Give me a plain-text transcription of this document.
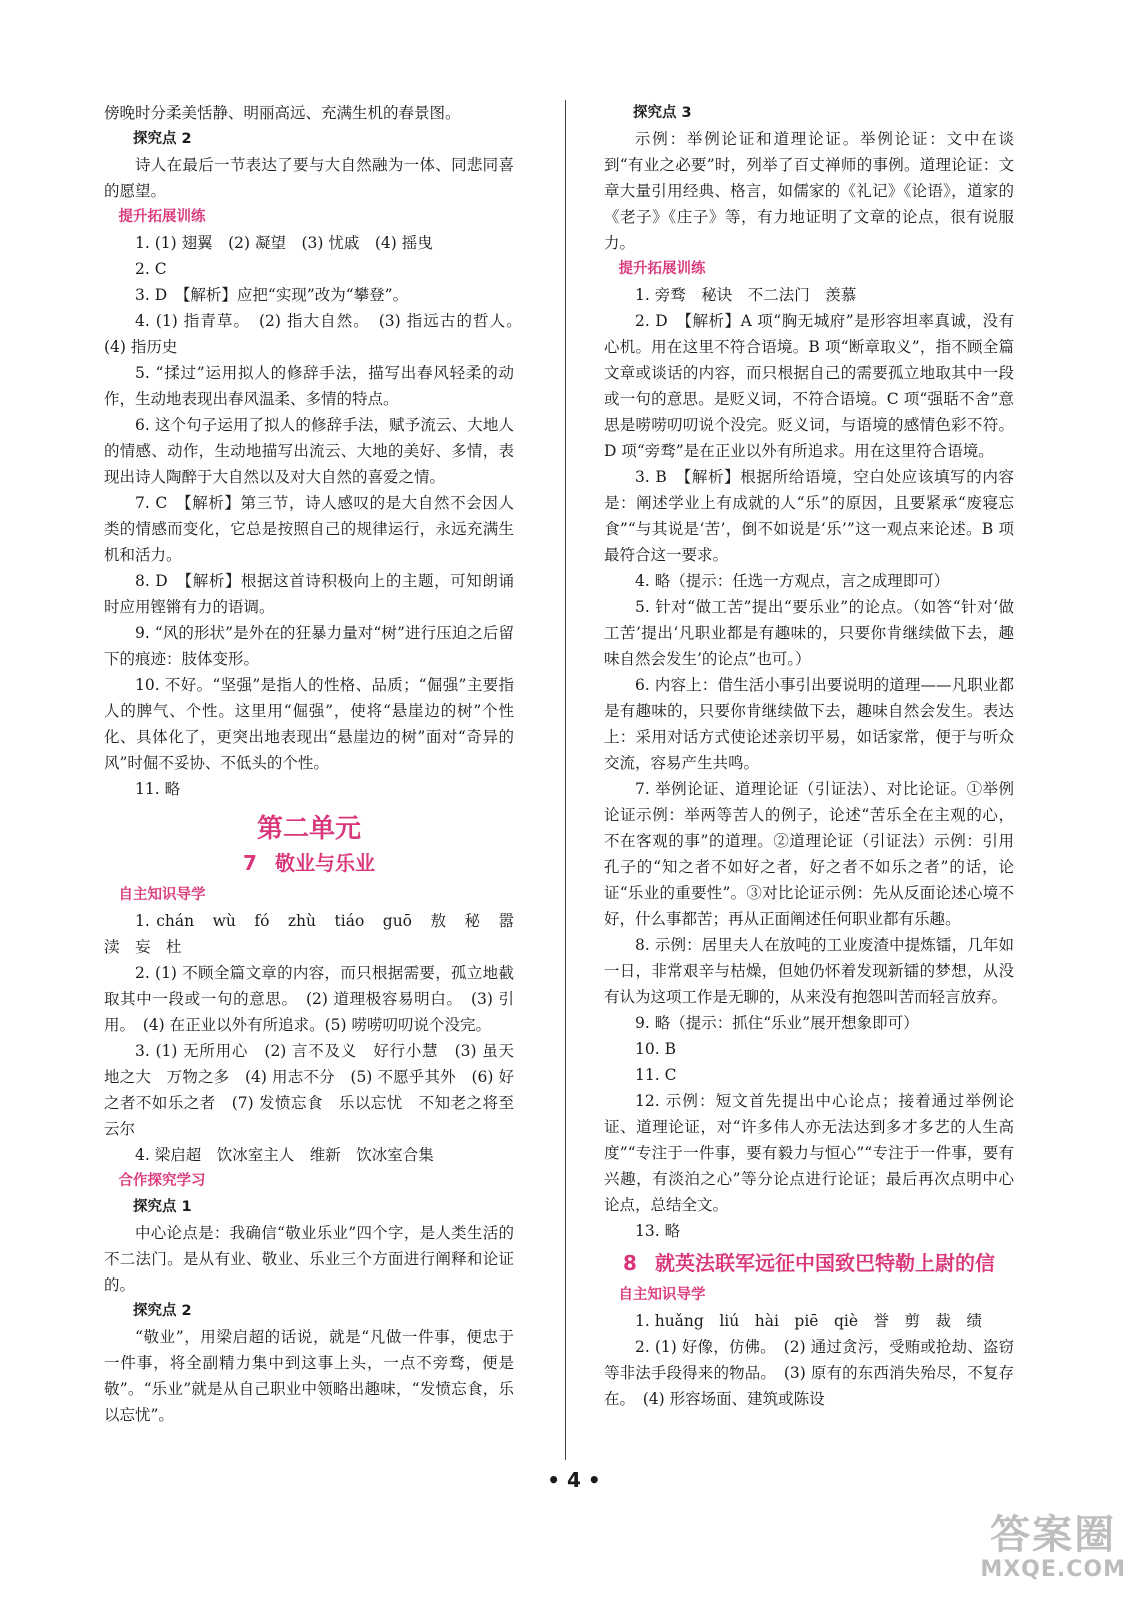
傍晚时分柔美恬静、明丽高远、充满生机的春景图。

探究点 2

诗人在最后一节表达了要与大自然融为一体、同悲同喜的愿望。

提升拓展训练

1. (1) 翅翼　(2) 凝望　(3) 忧戚　(4) 摇曳

2. C

3. D　【解析】应把“实现”改为“攀登”。

4. (1) 指青草。　(2) 指大自然。　(3) 指远古的哲人。　(4) 指历史

5. “揉过”运用拟人的修辞手法，描写出春风轻柔的动作，生动地表现出春风温柔、多情的特点。

6. 这个句子运用了拟人的修辞手法，赋予流云、大地人的情感、动作，生动地描写出流云、大地的美好、多情，表现出诗人陶醉于大自然以及对大自然的喜爱之情。

7. C　【解析】第三节，诗人感叹的是大自然不会因人类的情感而变化，它总是按照自己的规律运行，永远充满生机和活力。

8. D　【解析】根据这首诗积极向上的主题，可知朗诵时应用铿锵有力的语调。

9. “风的形状”是外在的狂暴力量对“树”进行压迫之后留下的痕迹：肢体变形。

10. 不好。“坚强”是指人的性格、品质；“倔强”主要指人的脾气、个性。这里用“倔强”，使将“悬崖边的树”个性化、具体化了，更突出地表现出“悬崖边的树”面对“奇异的风”时倔不妥协、不低头的个性。

11. 略

第二单元
7 敬业与乐业

自主知识导学

1. chán　wù　fó　zhù　tiáo　guō　敖　秘　嚣　渎　妄　杜

2. (1) 不顾全篇文章的内容，而只根据需要，孤立地截取其中一段或一句的意思。　(2) 道理极容易明白。　(3) 引用。　(4) 在正业以外有所追求。(5) 唠唠叨叨说个没完。

3. (1) 无所用心　(2) 言不及义　好行小慧　(3) 虽天地之大　万物之多　(4) 用志不分　(5) 不愿乎其外　(6) 好之者不如乐之者　(7) 发愤忘食　乐以忘忧　不知老之将至云尔

4. 梁启超　饮冰室主人　维新　饮冰室合集

合作探究学习

探究点 1

中心论点是：我确信“敬业乐业”四个字，是人类生活的不二法门。是从有业、敬业、乐业三个方面进行阐释和论证的。

探究点 2

“敬业”，用梁启超的话说，就是“凡做一件事，便忠于一件事，将全副精力集中到这事上头，一点不旁骛，便是敬”。“乐业”就是从自己职业中领略出趣味，“发愤忘食，乐以忘忧”。

探究点 3

示例：举例论证和道理论证。举例论证：文中在谈到“有业之必要”时，列举了百丈禅师的事例。道理论证：文章大量引用经典、格言，如儒家的《礼记》《论语》，道家的《老子》《庄子》等，有力地证明了文章的论点，很有说服力。

提升拓展训练

1. 旁骛　秘诀　不二法门　羡慕

2. D　【解析】A 项“胸无城府”是形容坦率真诚，没有心机。用在这里不符合语境。B 项“断章取义”，指不顾全篇文章或谈话的内容，而只根据自己的需要孤立地取其中一段或一句的意思。是贬义词，不符合语境。C 项“强聒不舍”意思是唠唠叨叨说个没完。贬义词，与语境的感情色彩不符。D 项“旁骛”是在正业以外有所追求。用在这里符合语境。

3. B　【解析】根据所给语境，空白处应该填写的内容是：阐述学业上有成就的人“乐”的原因，且要紧承“废寝忘食”“与其说是‘苦’，倒不如说是‘乐’”这一观点来论述。B 项最符合这一要求。

4. 略（提示：任选一方观点，言之成理即可）

5. 针对“做工苦”提出“要乐业”的论点。（如答“针对‘做工苦’提出‘凡职业都是有趣味的，只要你肯继续做下去，趣味自然会发生’的论点”也可。）

6. 内容上：借生活小事引出要说明的道理——凡职业都是有趣味的，只要你肯继续做下去，趣味自然会发生。表达上：采用对话方式使论述亲切平易，如话家常，便于与听众交流，容易产生共鸣。

7. 举例论证、道理论证（引证法）、对比论证。①举例论证示例：举两等苦人的例子，论述“苦乐全在主观的心，不在客观的事”的道理。②道理论证（引证法）示例：引用孔子的“知之者不如好之者，好之者不如乐之者”的话，论证“乐业的重要性”。③对比论证示例：先从反面论述心境不好，什么事都苦；再从正面阐述任何职业都有乐趣。

8. 示例：居里夫人在放吨的工业废渣中提炼镭，几年如一日，非常艰辛与枯燥，但她仍怀着发现新镭的梦想，从没有认为这项工作是无聊的，从来没有抱怨叫苦而轻言放弃。

9. 略（提示：抓住“乐业”展开想象即可）

10. B

11. C

12. 示例：短文首先提出中心论点；接着通过举例论证、道理论证，对“许多伟人亦无法达到多才多艺的人生高度”“专注于一件事，要有毅力与恒心”“专注于一件事，要有兴趣，有淡泊之心”等分论点进行论证；最后再次点明中心论点，总结全文。

13. 略

8 就英法联军远征中国致巴特勒上尉的信

自主知识导学

1. huǎng　liú　hài　piē　qiè　誉　剪　裁　绩

2. (1) 好像，仿佛。　(2) 通过贪污，受贿或抢劫、盗窃等非法手段得来的物品。　(3) 原有的东西消失殆尽，不复存在。　(4) 形容场面、建筑或陈设

• 4 •
答案圈
MXQE.COM
